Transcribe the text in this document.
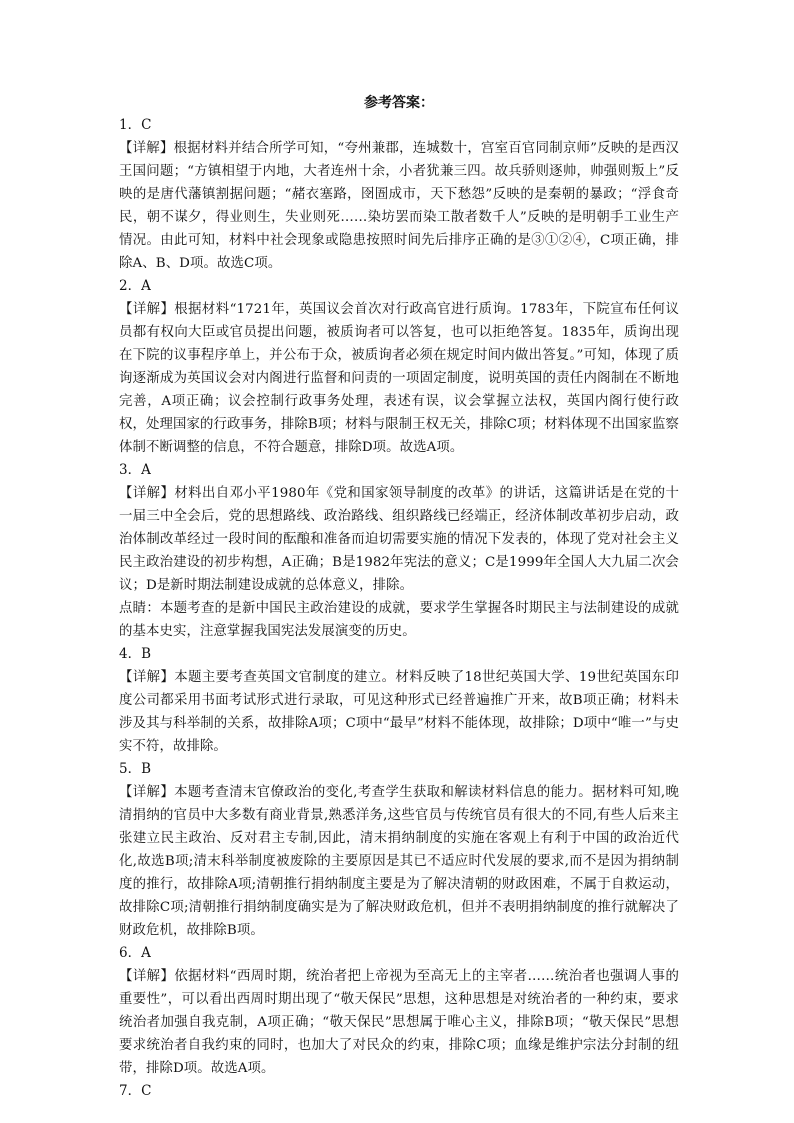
参考答案：
1．C

【详解】根据材料并结合所学可知，“夸州兼郡，连城数十，宫室百官同制京师”反映的是西汉王国问题；“方镇相望于内地，大者连州十余，小者犹兼三四。故兵骄则逐帅，帅强则叛上”反映的是唐代藩镇割据问题；“赭衣塞路，囹圄成市，天下愁怨”反映的是秦朝的暴政；“浮食奇民，朝不谋夕，得业则生，失业则死……染坊罢而染工散者数千人”反映的是明朝手工业生产情况。由此可知，材料中社会现象或隐患按照时间先后排序正确的是③①②④，C项正确，排除A、B、D项。故选C项。

2．A

【详解】根据材料“1721年，英国议会首次对行政高官进行质询。1783年，下院宣布任何议员都有权向大臣或官员提出问题，被质询者可以答复，也可以拒绝答复。1835年，质询出现在下院的议事程序单上，并公布于众，被质询者必须在规定时间内做出答复。”可知，体现了质询逐渐成为英国议会对内阁进行监督和问责的一项固定制度，说明英国的责任内阁制在不断地完善，A项正确；议会控制行政事务处理，表述有误，议会掌握立法权，英国内阁行使行政权，处理国家的行政事务，排除B项；材料与限制王权无关，排除C项；材料体现不出国家监察体制不断调整的信息，不符合题意，排除D项。故选A项。

3．A

【详解】材料出自邓小平1980年《党和国家领导制度的改革》的讲话，这篇讲话是在党的十一届三中全会后，党的思想路线、政治路线、组织路线已经端正，经济体制改革初步启动，政治体制改革经过一段时间的酝酿和准备而迫切需要实施的情况下发表的，体现了党对社会主义民主政治建设的初步构想，A正确；B是1982年宪法的意义；C是1999年全国人大九届二次会议；D是新时期法制建设成就的总体意义，排除。

点睛：本题考查的是新中国民主政治建设的成就，要求学生掌握各时期民主与法制建设的成就的基本史实，注意掌握我国宪法发展演变的历史。

4．B

【详解】本题主要考查英国文官制度的建立。材料反映了18世纪英国大学、19世纪英国东印度公司都采用书面考试形式进行录取，可见这种形式已经普遍推广开来，故B项正确；材料未涉及其与科举制的关系，故排除A项；C项中“最早”材料不能体现，故排除；D项中“唯一”与史实不符，故排除。

5．B

【详解】本题考查清末官僚政治的变化,考查学生获取和解读材料信息的能力。据材料可知,晚清捐纳的官员中大多数有商业背景,熟悉洋务,这些官员与传统官员有很大的不同,有些人后来主张建立民主政治、反对君主专制,因此，清末捐纳制度的实施在客观上有利于中国的政治近代化,故选B项;清末科举制度被废除的主要原因是其已不适应时代发展的要求,而不是因为捐纳制度的推行，故排除A项;清朝推行捐纳制度主要是为了解决清朝的财政困难，不属于自救运动，故排除C项;清朝推行捐纳制度确实是为了解决财政危机，但并不表明捐纳制度的推行就解决了财政危机，故排除B项。

6．A

【详解】依据材料“西周时期，统治者把上帝视为至高无上的主宰者……统治者也强调人事的重要性”，可以看出西周时期出现了“敬天保民”思想，这种思想是对统治者的一种约束，要求统治者加强自我克制，A项正确；“敬天保民”思想属于唯心主义，排除B项；“敬天保民”思想要求统治者自我约束的同时，也加大了对民众的约束，排除C项；血缘是维护宗法分封制的纽带，排除D项。故选A项。

7．C
